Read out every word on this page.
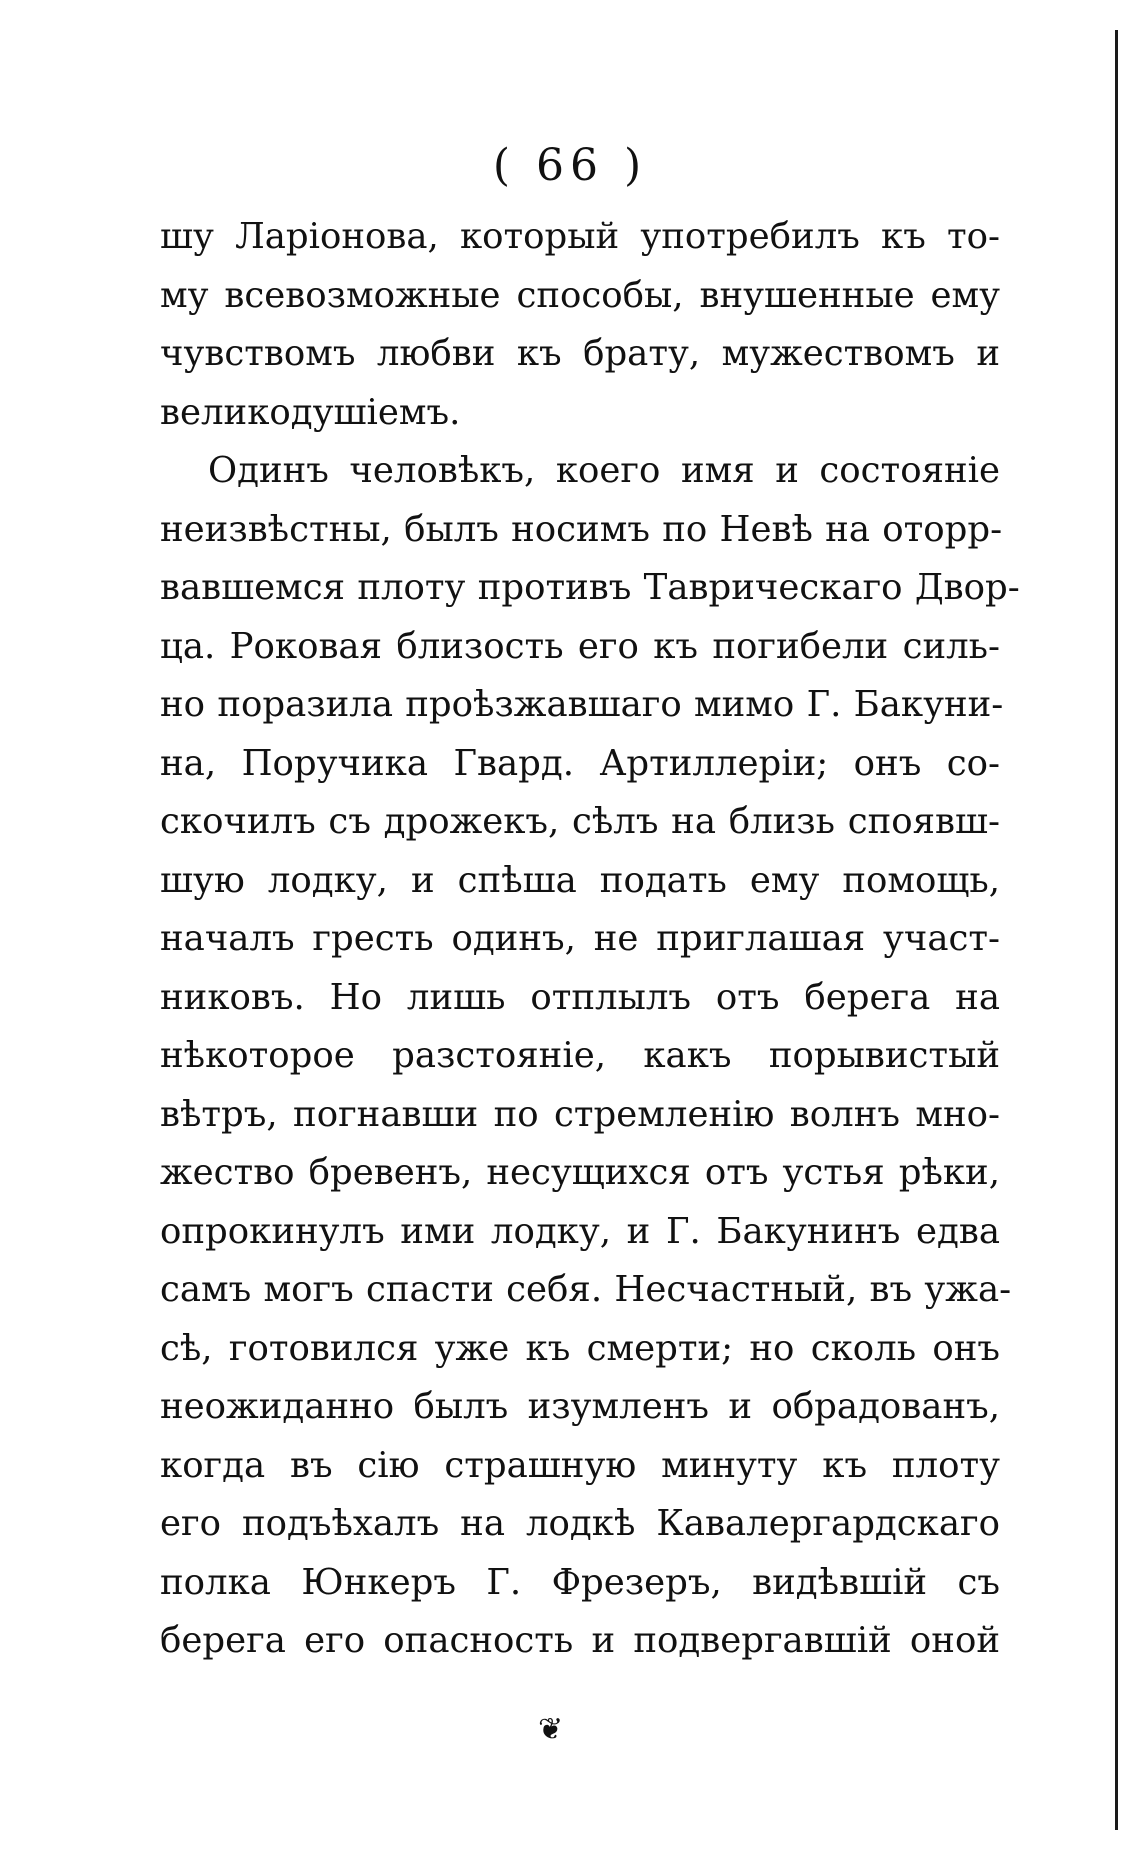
( 66 )
шу Ларіонова, который употребилъ къ то-
му всевозможные способы, внушенные ему
чувствомъ любви къ брату, мужествомъ и
великодушіемъ.
Одинъ человѣкъ, коего имя и состояніе
неизвѣстны, былъ носимъ по Невѣ на оторр-
вавшемся плоту противъ Таврическаго Двор-
ца. Роковая близость его къ погибели силь-
но поразила проѣзжавшаго мимо Г. Бакуни-
на, Поручика Гвард. Артиллеріи; онъ со-
скочилъ съ дрожекъ, сѣлъ на близь споявш-
шую лодку, и спѣша подать ему помощь,
началъ гресть одинъ, не приглашая участ-
никовъ. Но лишь отплылъ отъ берега на
нѣкоторое разстояніе, какъ порывистый
вѣтръ, погнавши по стремленію волнъ мно-
жество бревенъ, несущихся отъ устья рѣки,
опрокинулъ ими лодку, и Г. Бакунинъ едва
самъ могъ спасти себя. Несчастный, въ ужа-
сѣ, готовился уже къ смерти; но сколь онъ
неожиданно былъ изумленъ и обрадованъ,
когда въ сію страшную минуту къ плоту
его подъѣхалъ на лодкѣ Кавалергардскаго
полка Юнкеръ Г. Фрезеръ, видѣвшій съ
берега его опасность и подвергавшій оной
❦
